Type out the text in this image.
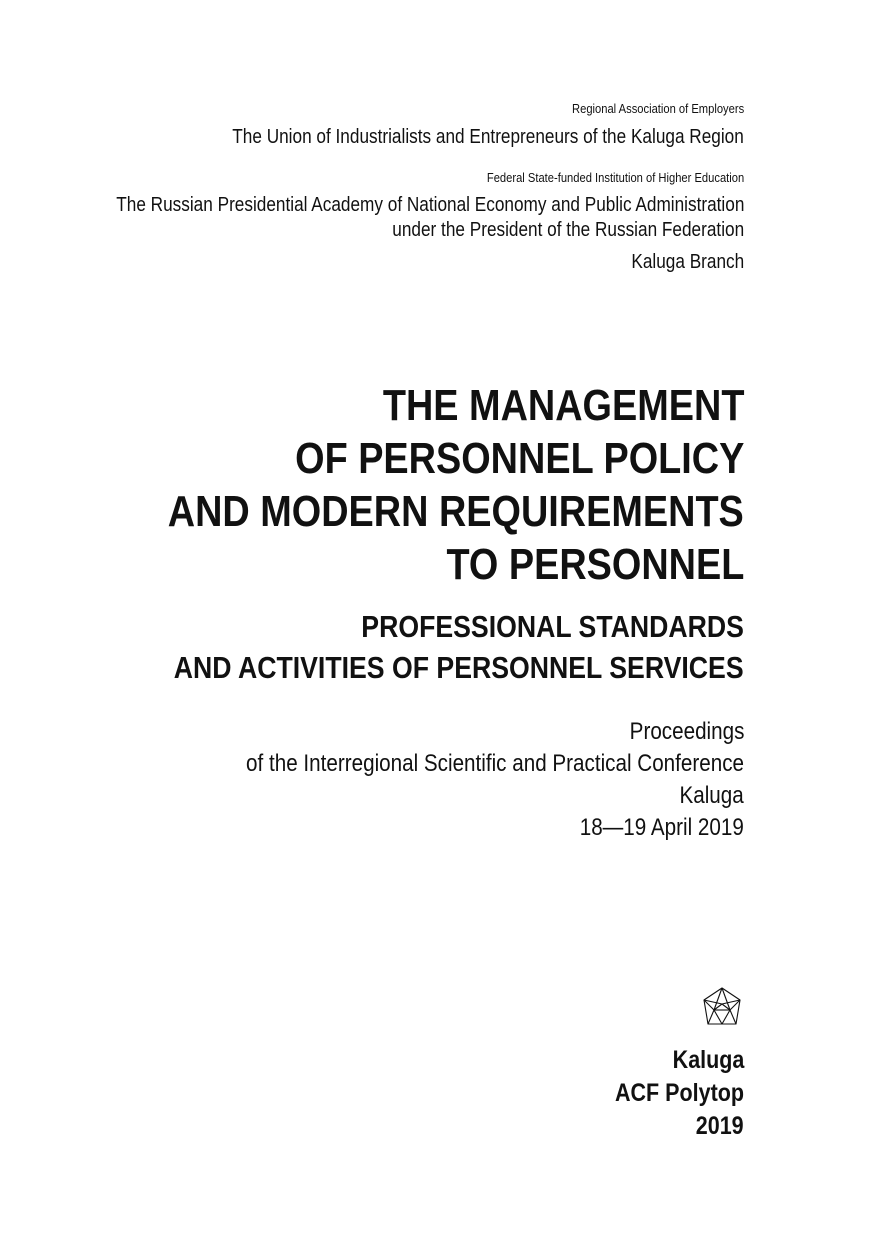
Regional Association of Employers
The Union of Industrialists and Entrepreneurs of the Kaluga Region
Federal State-funded Institution of Higher Education
The Russian Presidential Academy of National Economy and Public Administration
under the President of the Russian Federation
Kaluga Branch
THE MANAGEMENT
OF PERSONNEL POLICY
AND MODERN REQUIREMENTS
TO PERSONNEL
PROFESSIONAL STANDARDS
AND ACTIVITIES OF PERSONNEL SERVICES
Proceedings
of the Interregional Scientific and Practical Conference
Kaluga
18—19 April 2019
Kaluga
ACF Polytop
2019
